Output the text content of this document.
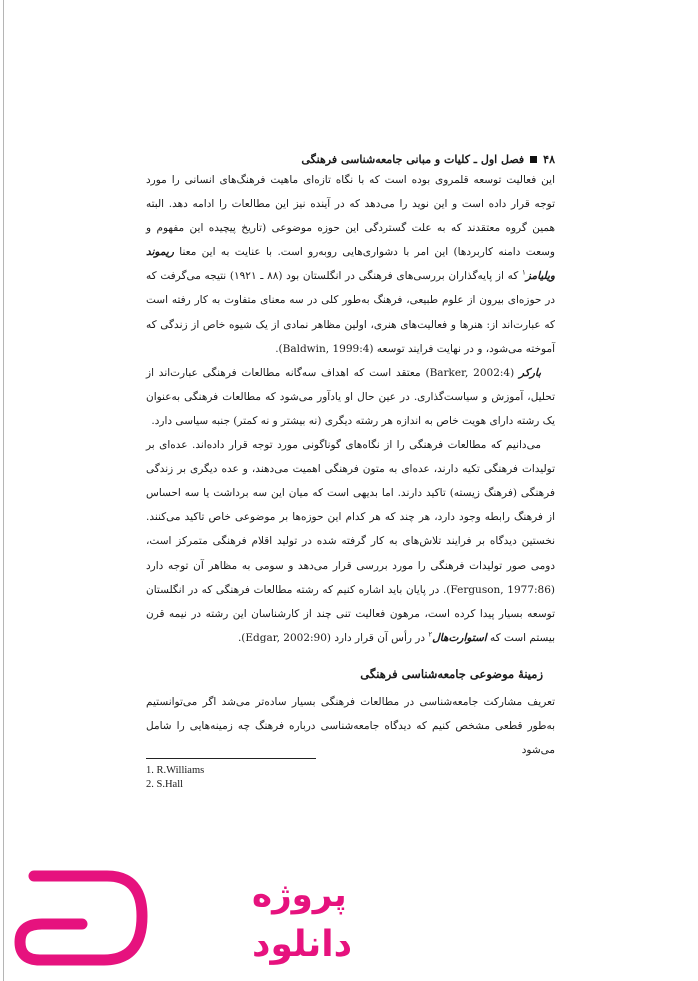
۴۸
فصل اول ـ کلیات و مبانی جامعه‌شناسی فرهنگی

این فعالیت توسعه قلمروی بوده است که با نگاه تازه‌ای ماهیت فرهنگ‌های انسانی را مورد توجه قرار داده است و این نوید را می‌دهد که در آینده نیز این مطالعات را ادامه دهد. البته همین گروه معتقدند که به علت گستردگی این حوزه موضوعی (تاریخ پیچیده این مفهوم و وسعت دامنه کاربردها) این امر با دشواری‌هایی روبه‌رو است. با عنایت به این معنا ریموند ویلیامز$^۱$ که از پایه‌گذاران بررسی‌های فرهنگی در انگلستان بود (۸۸ ـ ۱۹۲۱) نتیجه می‌گرفت که در حوزه‌ای بیرون از علوم طبیعی، فرهنگ به‌طور کلی در سه معنای متفاوت به کار رفته است که عبارت‌اند از: هنرها و فعالیت‌های هنری، اولین مظاهر نمادی از یک شیوه خاص از زندگی که آموخته می‌شود، و در نهایت فرایند توسعه (Baldwin, 1999:4).

بارکر (Barker, 2002:4) معتقد است که اهداف سه‌گانه مطالعات فرهنگی عبارت‌اند از تحلیل، آموزش و سیاست‌گذاری. در عین حال او یادآور می‌شود که مطالعات فرهنگی به‌عنوان یک رشته دارای هویت خاص به اندازه هر رشته دیگری (نه بیشتر و نه کمتر) جنبه سیاسی دارد.

می‌دانیم که مطالعات فرهنگی را از نگاه‌های گوناگونی مورد توجه قرار داده‌اند. عده‌ای بر تولیدات فرهنگی تکیه دارند، عده‌ای به متون فرهنگی اهمیت می‌دهند، و عده دیگری بر زندگی فرهنگی (فرهنگ زیسته) تاکید دارند. اما بدیهی است که میان این سه برداشت یا سه احساس از فرهنگ رابطه وجود دارد، هر چند که هر کدام این حوزه‌ها بر موضوعی خاص تاکید می‌کنند. نخستین دیدگاه بر فرایند تلاش‌های به کار گرفته شده در تولید اقلام فرهنگی متمرکز است، دومی صور تولیدات فرهنگی را مورد بررسی قرار می‌دهد و سومی به مظاهر آن توجه دارد (Ferguson, 1977:86). در پایان باید اشاره کنیم که رشته مطالعات فرهنگی که در انگلستان توسعه بسیار پیدا کرده است، مرهون فعالیت تنی چند از کارشناسان این رشته در نیمه قرن بیستم است که استوارت‌هال$^۲$ در رأس آن قرار دارد (Edgar, 2002:90).

زمینهٔ موضوعی جامعه‌شناسی فرهنگی

تعریف مشارکت جامعه‌شناسی در مطالعات فرهنگی بسیار ساده‌تر می‌شد اگر می‌توانستیم به‌طور قطعی مشخص کنیم که دیدگاه جامعه‌شناسی درباره فرهنگ چه زمینه‌هایی را شامل می‌شود

1. R.Williams
2. S.Hall
پروژه
دانلود
